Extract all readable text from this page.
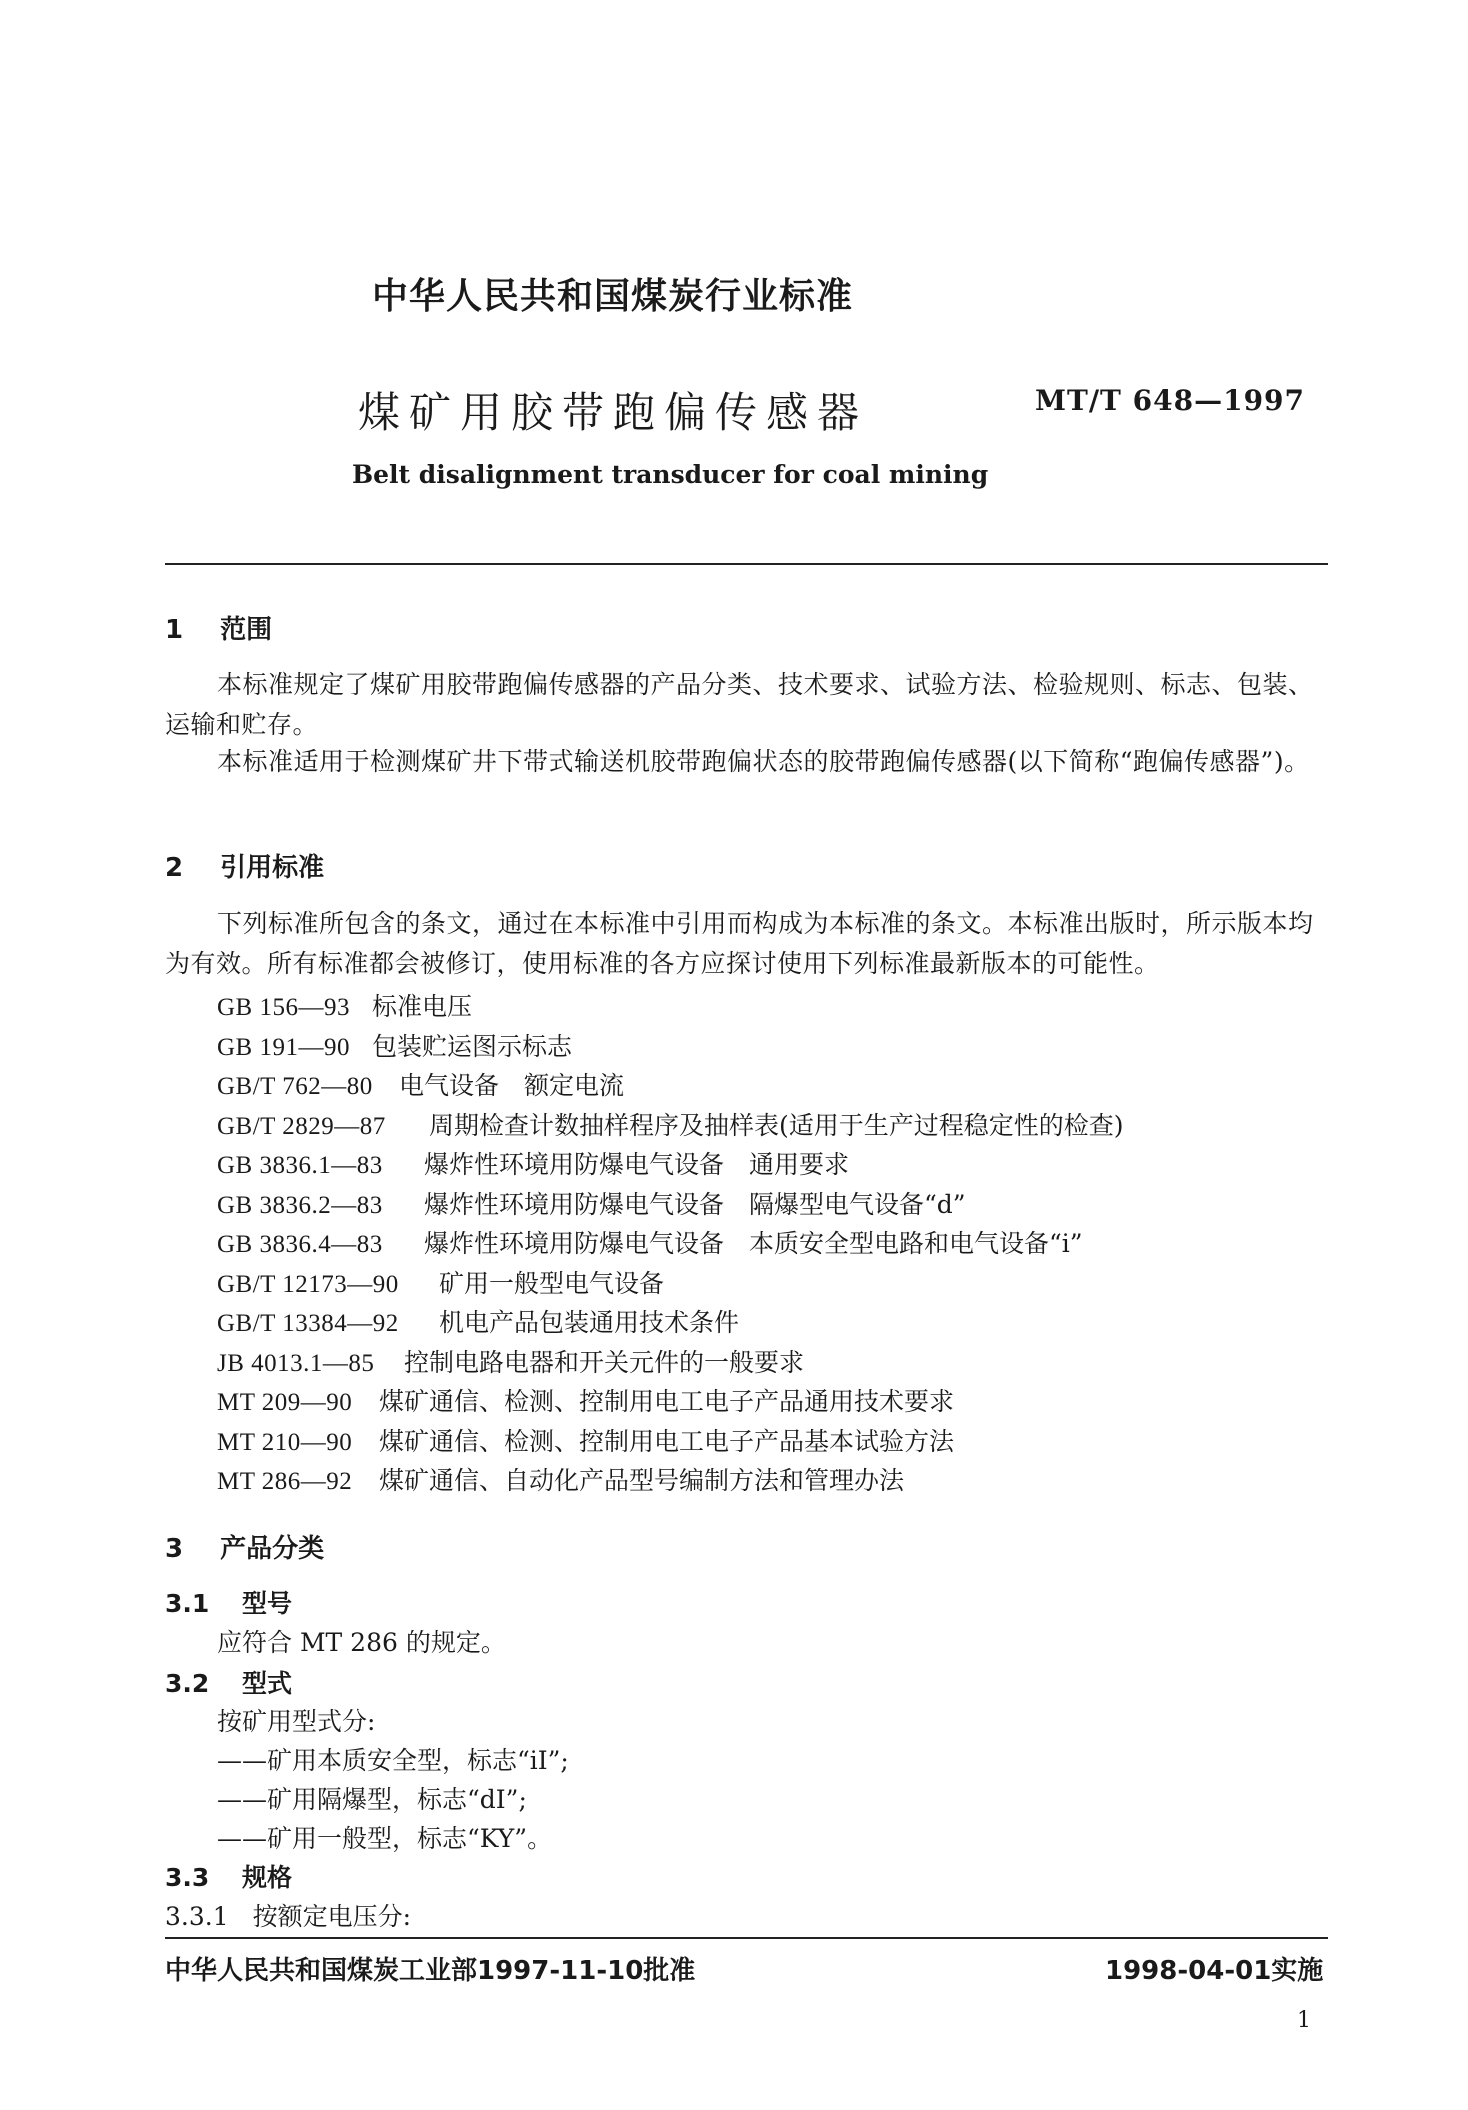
中华人民共和国煤炭行业标准
煤矿用胶带跑偏传感器	MT/T 648—1997
Belt disalignment transducer for coal mining
1 范围
本标准规定了煤矿用胶带跑偏传感器的产品分类、技术要求、试验方法、检验规则、标志、包装、运输和贮存。
本标准适用于检测煤矿井下带式输送机胶带跑偏状态的胶带跑偏传感器(以下简称“跑偏传感器”)。
2 引用标准
下列标准所包含的条文，通过在本标准中引用而构成为本标准的条文。本标准出版时，所示版本均为有效。所有标准都会被修订，使用标准的各方应探讨使用下列标准最新版本的可能性。
GB 156—93 标准电压
GB 191—90 包装贮运图示标志
GB/T 762—80 电气设备　额定电流
GB/T 2829—87 周期检查计数抽样程序及抽样表(适用于生产过程稳定性的检查)
GB 3836.1—83 爆炸性环境用防爆电气设备　通用要求
GB 3836.2—83 爆炸性环境用防爆电气设备　隔爆型电气设备“d”
GB 3836.4—83 爆炸性环境用防爆电气设备　本质安全型电路和电气设备“i”
GB/T 12173—90 矿用一般型电气设备
GB/T 13384—92 机电产品包装通用技术条件
JB 4013.1—85 控制电路电器和开关元件的一般要求
MT 209—90 煤矿通信、检测、控制用电工电子产品通用技术要求
MT 210—90 煤矿通信、检测、控制用电工电子产品基本试验方法
MT 286—92 煤矿通信、自动化产品型号编制方法和管理办法
3 产品分类
3.1 型号
应符合 MT 286 的规定。
3.2 型式
按矿用型式分:
——矿用本质安全型，标志“iI”;
——矿用隔爆型，标志“dI”;
——矿用一般型，标志“KY”。
3.3 规格
3.3.1 按额定电压分:
中华人民共和国煤炭工业部1997-11-10批准	1998-04-01实施
1
